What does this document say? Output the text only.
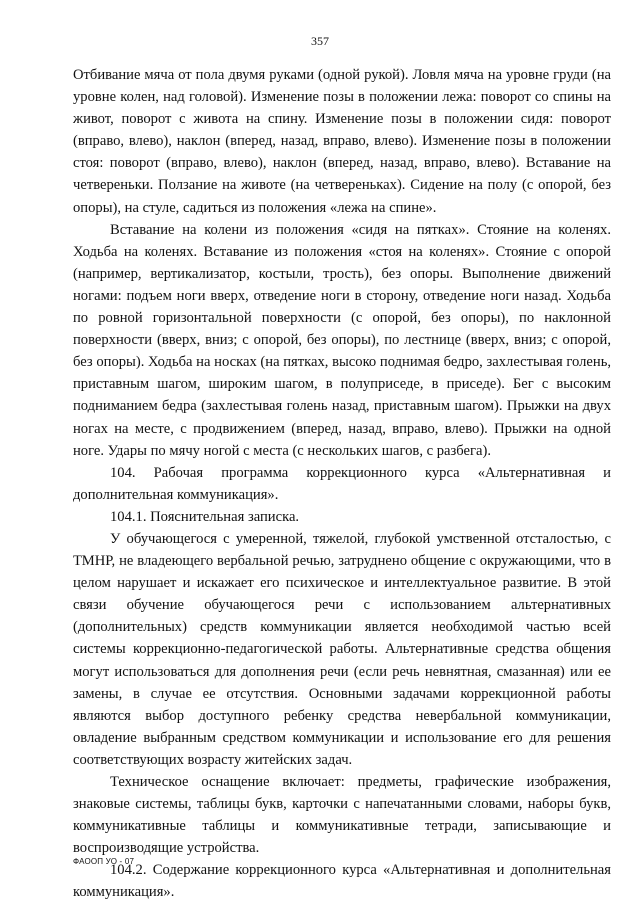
357

Отбивание мяча от пола двумя руками (одной рукой). Ловля мяча на уровне груди (на уровне колен, над головой). Изменение позы в положении лежа: поворот со спины на живот, поворот с живота на спину. Изменение позы в положении сидя: поворот (вправо, влево), наклон (вперед, назад, вправо, влево). Изменение позы в положении стоя: поворот (вправо, влево), наклон (вперед, назад, вправо, влево). Вставание на четвереньки. Ползание на животе (на четвереньках). Сидение на полу (с опорой, без опоры), на стуле, садиться из положения «лежа на спине».

Вставание на колени из положения «сидя на пятках». Стояние на коленях. Ходьба на коленях. Вставание из положения «стоя на коленях». Стояние с опорой (например, вертикализатор, костыли, трость), без опоры. Выполнение движений ногами: подъем ноги вверх, отведение ноги в сторону, отведение ноги назад. Ходьба по ровной горизонтальной поверхности (с опорой, без опоры), по наклонной поверхности (вверх, вниз; с опорой, без опоры), по лестнице (вверх, вниз; с опорой, без опоры). Ходьба на носках (на пятках, высоко поднимая бедро, захлестывая голень, приставным шагом, широким шагом, в полуприседе, в приседе). Бег с высоким подниманием бедра (захлестывая голень назад, приставным шагом). Прыжки на двух ногах на месте, с продвижением (вперед, назад, вправо, влево). Прыжки на одной ноге. Удары по мячу ногой с места (с нескольких шагов, с разбега).

104. Рабочая программа коррекционного курса «Альтернативная и дополнительная коммуникация».

104.1. Пояснительная записка.

У обучающегося с умеренной, тяжелой, глубокой умственной отсталостью, с ТМНР, не владеющего вербальной речью, затруднено общение с окружающими, что в целом нарушает и искажает его психическое и интеллектуальное развитие. В этой связи обучение обучающегося речи с использованием альтернативных (дополнительных) средств коммуникации является необходимой частью всей системы коррекционно-педагогической работы. Альтернативные средства общения могут использоваться для дополнения речи (если речь невнятная, смазанная) или ее замены, в случае ее отсутствия. Основными задачами коррекционной работы являются выбор доступного ребенку средства невербальной коммуникации, овладение выбранным средством коммуникации и использование его для решения соответствующих возрасту житейских задач.

Техническое оснащение включает: предметы, графические изображения, знаковые системы, таблицы букв, карточки с напечатанными словами, наборы букв, коммуникативные таблицы и коммуникативные тетради, записывающие и воспроизводящие устройства.

104.2. Содержание коррекционного курса «Альтернативная и дополнительная коммуникация».

ФАООП УО - 07
